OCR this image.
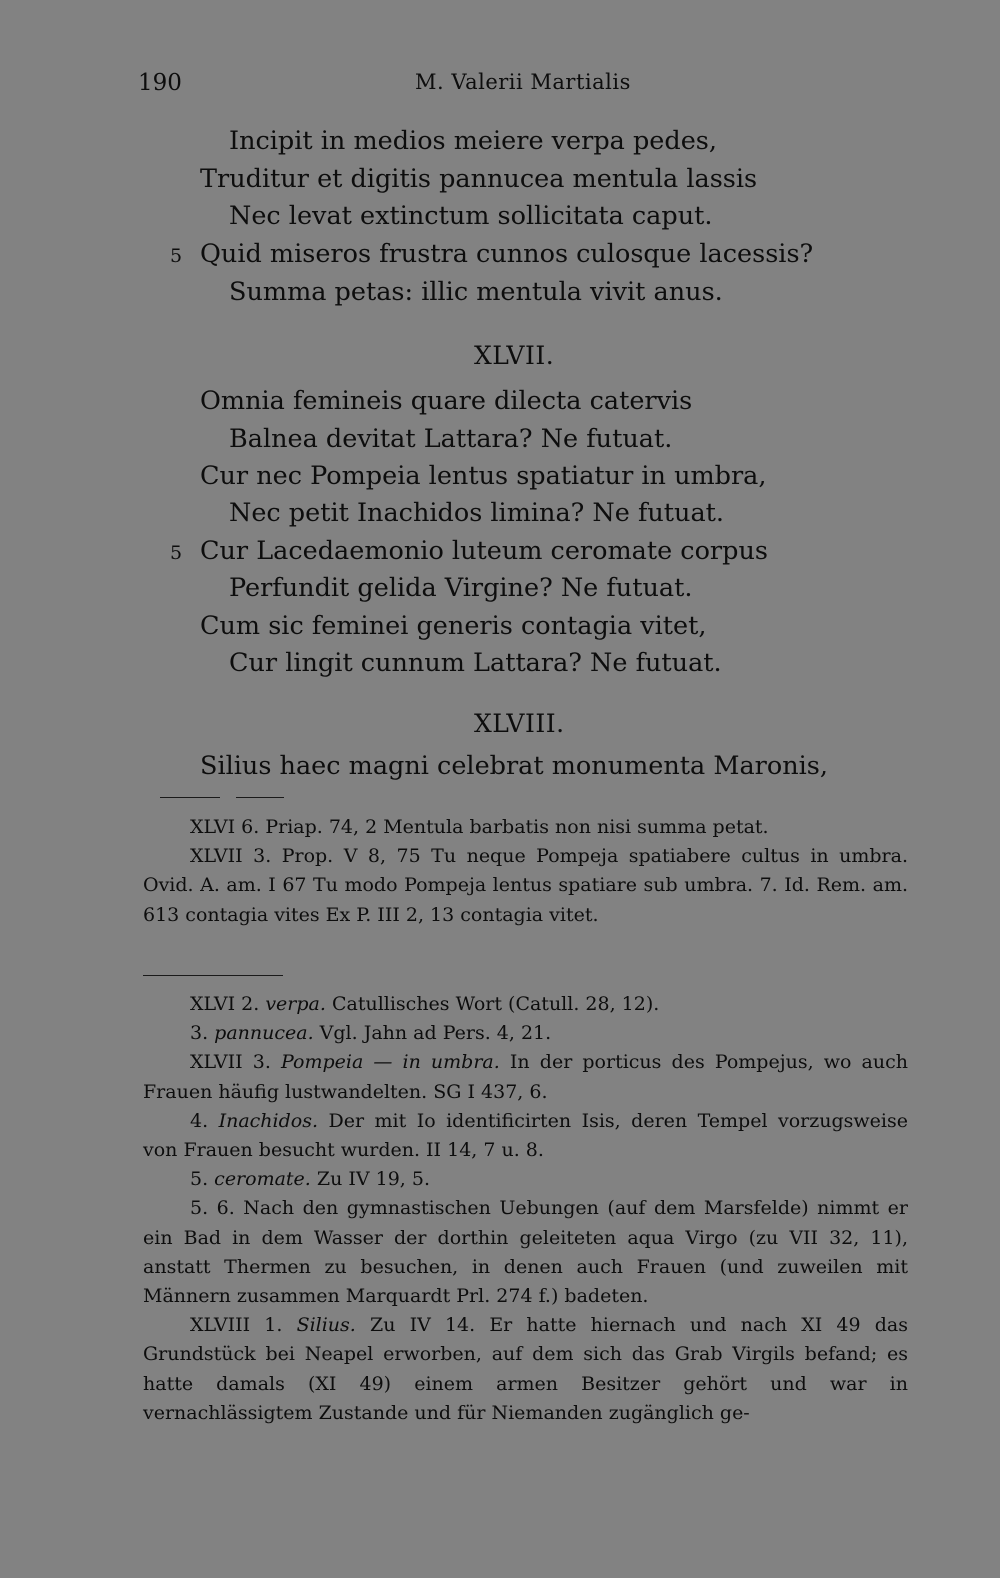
190	M. Valerii Martialis
Incipit in medios meiere verpa pedes,
Truditur et digitis pannucea mentula lassis
Nec levat extinctum sollicitata caput.
5 Quid miseros frustra cunnos culosque lacessis?
Summa petas: illic mentula vivit anus.
XLVII.
Omnia femineis quare dilecta catervis
Balnea devitat Lattara? Ne futuat.
Cur nec Pompeia lentus spatiatur in umbra,
Nec petit Inachidos limina? Ne futuat.
5 Cur Lacedaemonio luteum ceromate corpus
Perfundit gelida Virgine? Ne futuat.
Cum sic feminei generis contagia vitet,
Cur lingit cunnum Lattara? Ne futuat.
XLVIII.
Silius haec magni celebrat monumenta Maronis,

XLVI 6. Priap. 74, 2 Mentula barbatis non nisi summa petat.

XLVII 3. Prop. V 8, 75 Tu neque Pompeja spatiabere cultus in umbra. Ovid. A. am. I 67 Tu modo Pompeja lentus spatiare sub umbra. 7. Id. Rem. am. 613 contagia vites Ex P. III 2, 13 contagia vitet.

XLVI 2. verpa. Catullisches Wort (Catull. 28, 12).

3. pannucea. Vgl. Jahn ad Pers. 4, 21.

XLVII 3. Pompeia — in umbra. In der porticus des Pompejus, wo auch Frauen häufig lustwandelten. SG I 437, 6.

4. Inachidos. Der mit Io identificirten Isis, deren Tempel vorzugsweise von Frauen besucht wurden. II 14, 7 u. 8.

5. ceromate. Zu IV 19, 5.

5. 6. Nach den gymnastischen Uebungen (auf dem Marsfelde) nimmt er ein Bad in dem Wasser der dorthin geleiteten aqua Virgo (zu VII 32, 11), anstatt Thermen zu besuchen, in denen auch Frauen (und zuweilen mit Männern zusammen Marquardt Prl. 274 f.) badeten.

XLVIII 1. Silius. Zu IV 14. Er hatte hiernach und nach XI 49 das Grundstück bei Neapel erworben, auf dem sich das Grab Virgils befand; es hatte damals (XI 49) einem armen Besitzer gehört und war in vernachlässigtem Zustande und für Niemanden zugänglich ge-
